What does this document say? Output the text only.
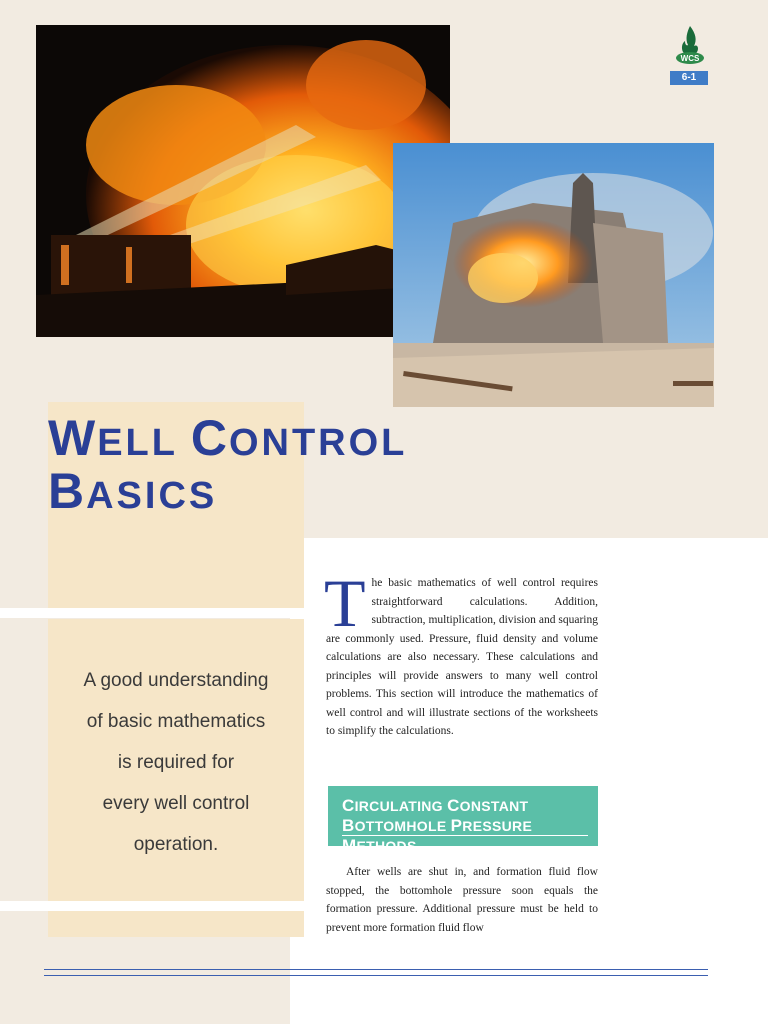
WCS
6-1
WELL CONTROL
BASICS
A good understanding
of basic mathematics
is required for
every well control
operation.

The basic mathematics of well control requires straightforward calculations. Addition, subtraction, multiplication, division and squaring are commonly used. Pressure, fluid density and volume calculations are also necessary. These calculations and principles will provide answers to many well control problems. This section will introduce the mathematics of well control and will illustrate sections of the worksheets to simplify the calculations.

CIRCULATING CONSTANT
BOTTOMHOLE PRESSURE METHODS

After wells are shut in, and formation fluid flow stopped, the bottomhole pressure soon equals the formation pressure. Additional pressure must be held to prevent more formation fluid flow
